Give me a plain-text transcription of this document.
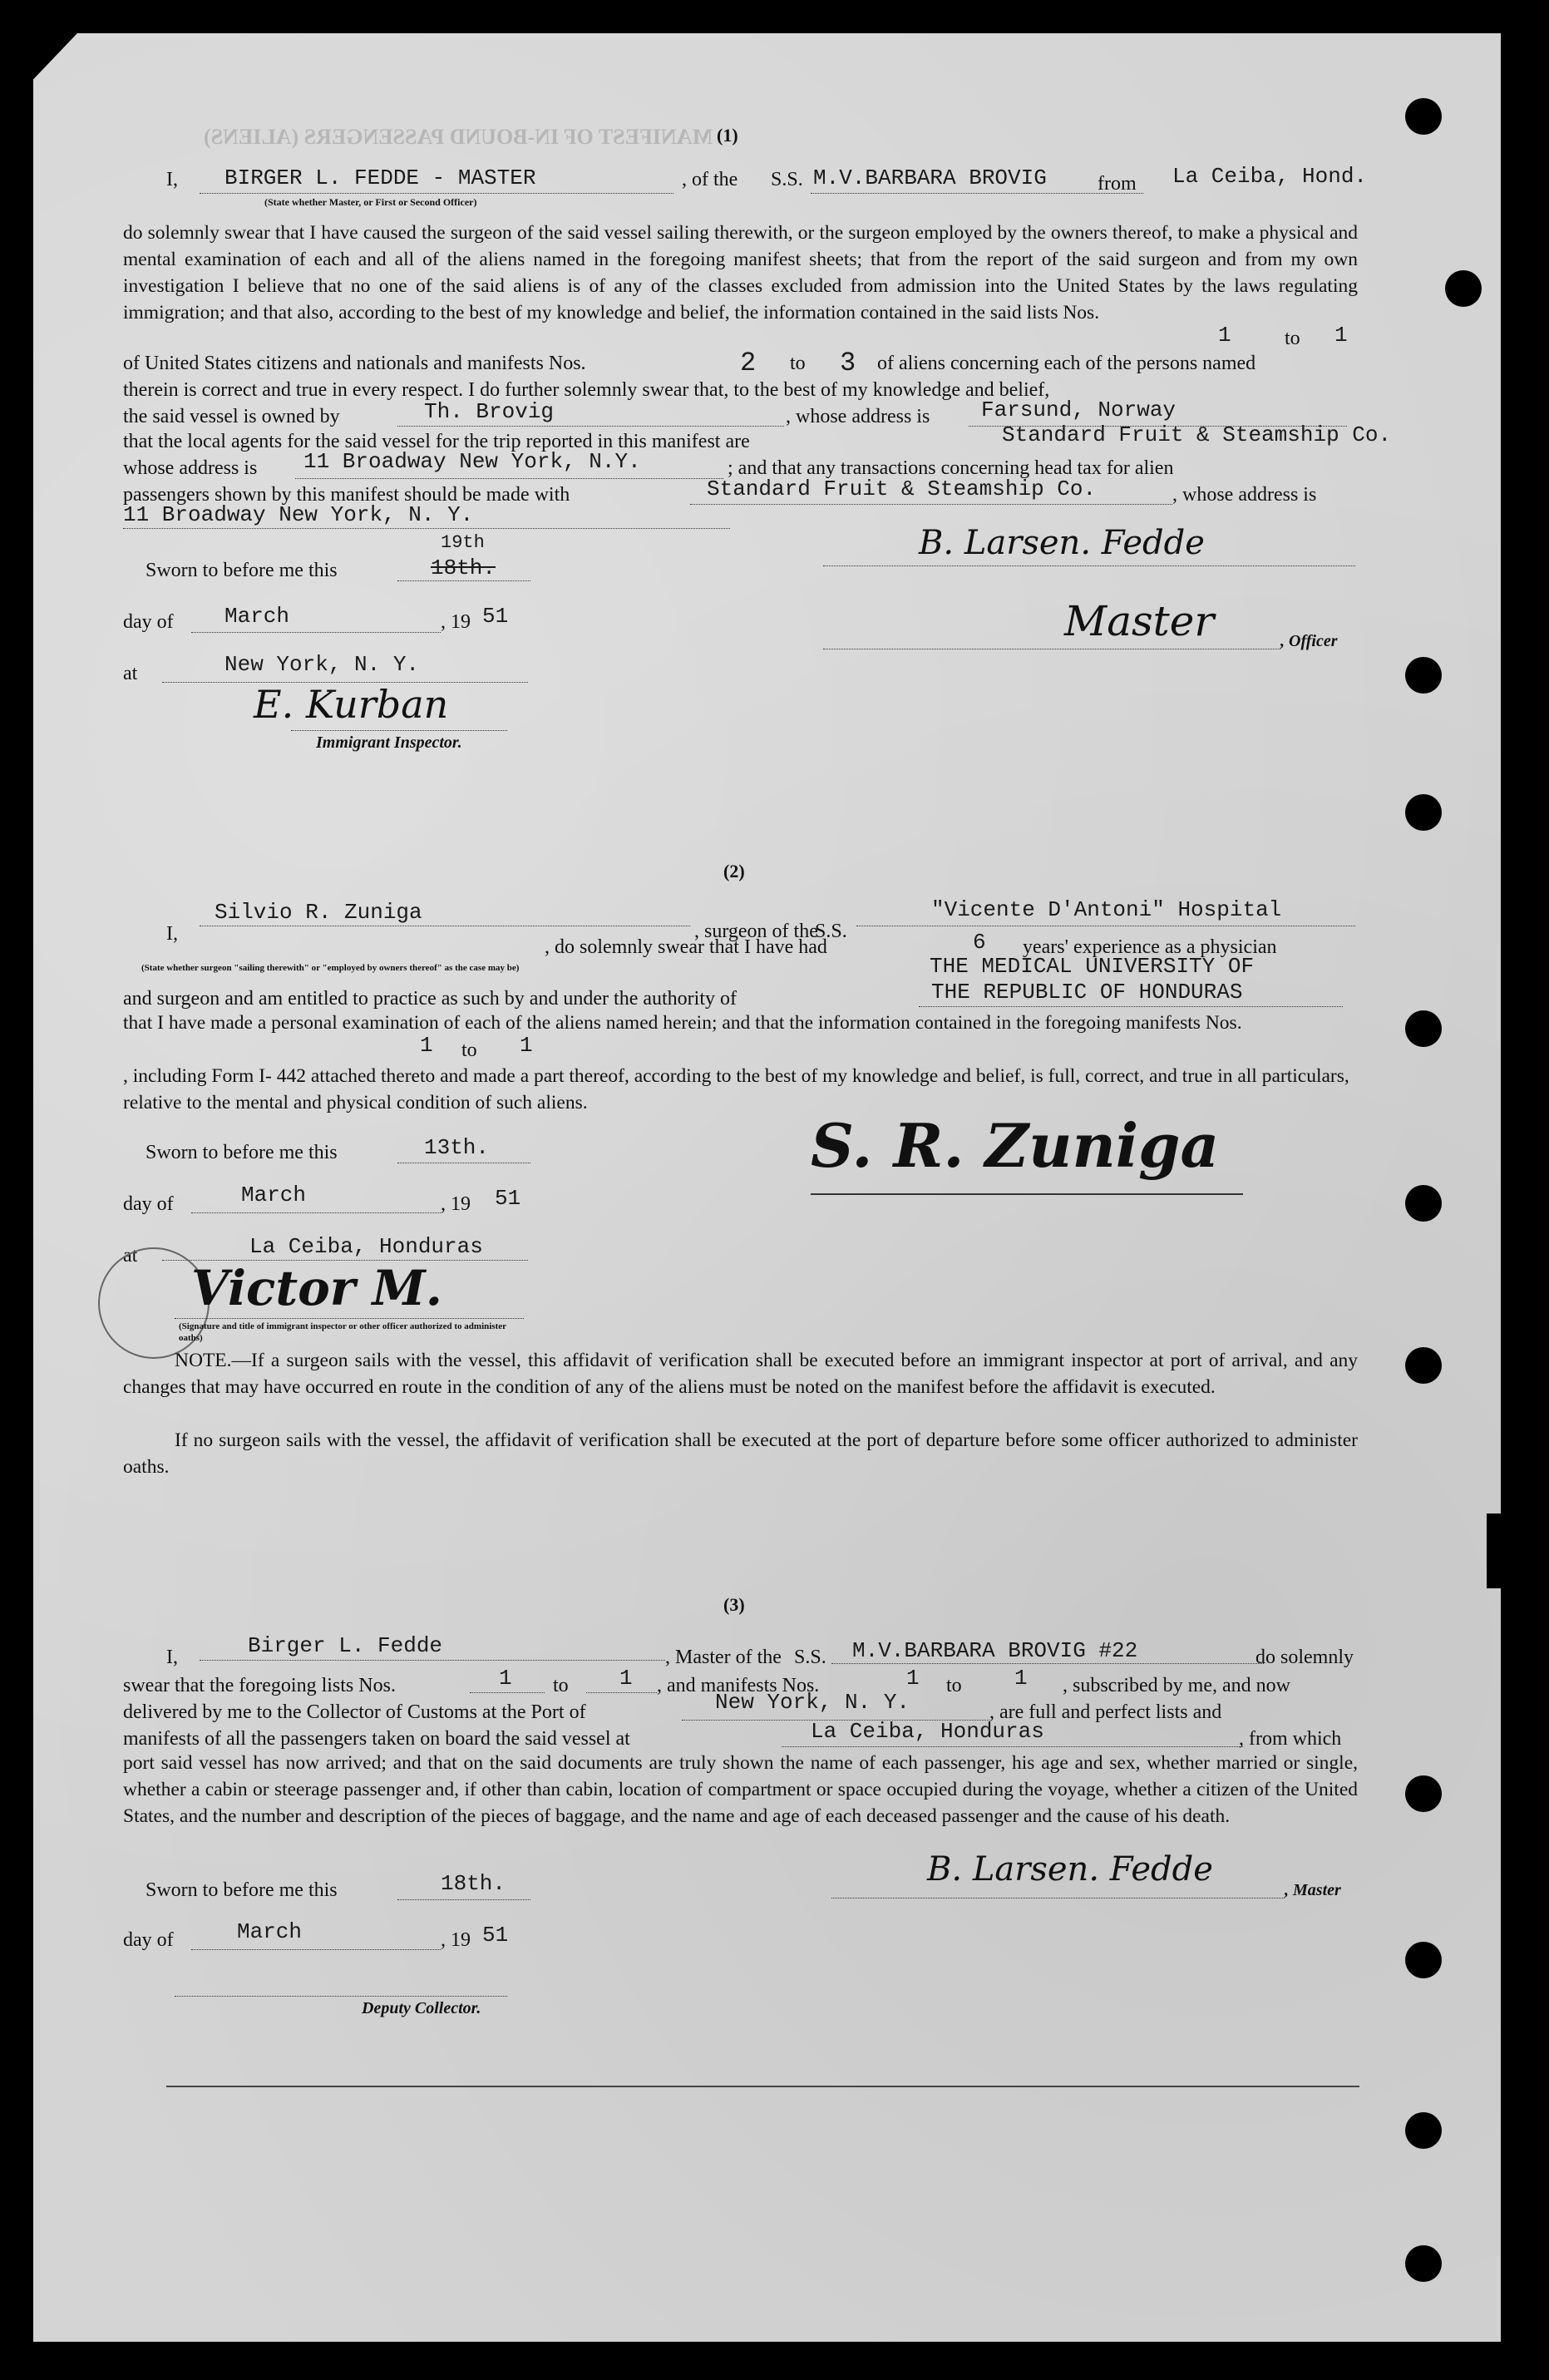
MANIFEST OF IN-BOUND PASSENGERS (ALIENS) (1)
I, BIRGER L. FEDDE - MASTER	, of the S.S. M.V.BARBARA BROVIG	from La Ceiba, Hond.
(State whether Master, or First or Second Officer)
do solemnly swear that I have caused the surgeon of the said vessel sailing therewith, or the surgeon employed by the owners thereof, to make a physical and mental examination of each and all of the aliens named in the foregoing manifest sheets; that from the report of the said surgeon and from my own investigation I believe that no one of the said aliens is of any of the classes excluded from admission into the United States by the laws regulating immigration; and that also, according to the best of my knowledge and belief, the information contained in the said lists Nos.
1	to 1
of United States citizens and nationals and manifests Nos.	2 to 3 of aliens concerning each of the persons named
therein is correct and true in every respect. I do further solemnly swear that, to the best of my knowledge and belief,
the said vessel is owned by	Th. Brovig	, whose address is Farsund, Norway
that the local agents for the said vessel for the trip reported in this manifest are	Standard Fruit & Steamship Co.
whose address is 11 Broadway New York, N.Y.	; and that any transactions concerning head tax for alien
passengers shown by this manifest should be made with	Standard Fruit & Steamship Co.	, whose address is
11 Broadway New York, N. Y.
Sworn to before me this
19th
18th.
day of March	, 19 51
at	New York, N. Y.
E. Kurban
Immigrant Inspector.
B. Larsen. Fedde
Master	, Officer
(2)
I,
Silvio R. Zuniga
, surgeon of the
S.S.
"Vicente D'Antoni" Hospital
, do solemnly swear that I have had	6 years' experience as a physician
(State whether surgeon "sailing therewith" or "employed by owners thereof" as the case may be)	THE MEDICAL UNIVERSITY OF
and surgeon and am entitled to practice as such by and under the authority of	THE REPUBLIC OF HONDURAS
that I have made a personal examination of each of the aliens named herein; and that the information contained in the foregoing manifests Nos.
1 to 1
, including Form I- 442 attached thereto and made a part thereof, according to the best of my knowledge and belief, is full, correct, and true in all particulars, relative to the mental and physical condition of such aliens.
Sworn to before me this	13th.
day of	March	, 19 51
at	La Ceiba, Honduras
Victor M.
(Signature and title of immigrant inspector or other officer authorized to administer oaths)
S. R. Zuniga
NOTE.—If a surgeon sails with the vessel, this affidavit of verification shall be executed before an immigrant inspector at port of arrival, and any changes that may have occurred en route in the condition of any of the aliens must be noted on the manifest before the affidavit is executed.
If no surgeon sails with the vessel, the affidavit of verification shall be executed at the port of departure before some officer authorized to administer oaths.
(3)
I,	Birger L. Fedde	, Master of the S.S. M.V.BARBARA BROVIG #22	do solemnly
swear that the foregoing lists Nos.	1 to 1 , and manifests Nos.	1 to 1 , subscribed by me, and now
delivered by me to the Collector of Customs at the Port of	New York, N. Y.	, are full and perfect lists and
manifests of all the passengers taken on board the said vessel at	La Ceiba, Honduras	, from which
port said vessel has now arrived; and that on the said documents are truly shown the name of each passenger, his age and sex, whether married or single, whether a cabin or steerage passenger and, if other than cabin, location of compartment or space occupied during the voyage, whether a citizen of the United States, and the number and description of the pieces of baggage, and the name and age of each deceased passenger and the cause of his death.
Sworn to before me this	18th.
day of	March	, 19 51
Deputy Collector.
B. Larsen. Fedde
, Master
